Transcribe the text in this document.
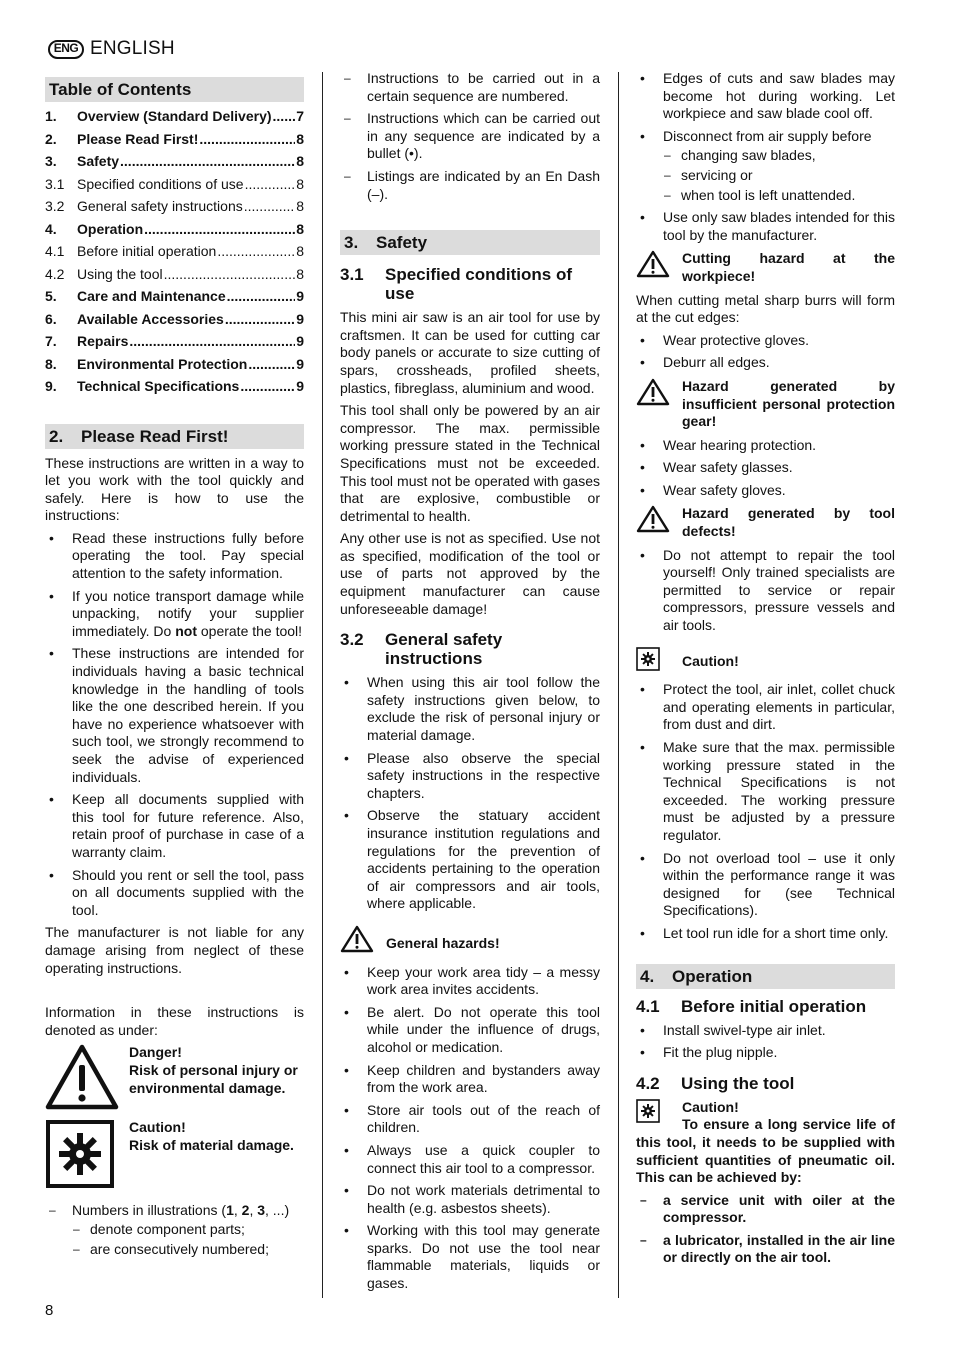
ENG ENGLISH
Table of Contents
1.	Overview (Standard Delivery) ..... 7
2.	Please Read First! .....	8
3.	Safety .....	8
3.1 Specified conditions of use .....	8
3.2 General safety instructions .....	8
4.	Operation .....	8
4.1 Before initial operation .....	8
4.2 Using the tool .....	8
5.	Care and Maintenance .....	9
6.	Available Accessories .....	9
7.	Repairs .....	9
8.	Environmental Protection .....	9
9.	Technical Specifications .....	9
2. Please Read First!

These instructions are written in a way to let you work with the tool quickly and safely. Here is how to use the instructions:

• Read these instructions fully before operating the tool. Pay special attention to the safety information.
• If you notice transport damage while unpacking, notify your supplier immediately. Do not operate the tool!
• These instructions are intended for individuals having a basic technical knowledge in the handling of tools like the one described herein. If you have no experience whatsoever with such tool, we strongly recommend to seek the advise of experienced individuals.
• Keep all documents supplied with this tool for future reference. Also, retain proof of purchase in case of a warranty claim.
• Should you rent or sell the tool, pass on all documents supplied with the tool.

The manufacturer is not liable for any damage arising from neglect of these operating instructions.

Information in these instructions is denoted as under:

Danger!
Risk of personal injury or environmental damage.
Caution!
Risk of material damage.
– Numbers in illustrations (1, 2, 3, ...)
– denote component parts;
– are consecutively numbered;
– Instructions to be carried out in a certain sequence are numbered.
– Instructions which can be carried out in any sequence are indicated by a bullet (•).
– Listings are indicated by an En Dash (–).
3. Safety
3.1	Specified conditions of use

This mini air saw is an air tool for use by craftsmen. It can be used for cutting car body panels or accurate to size cutting of spars, crossheads, profiled sheets, plastics, fibreglass, aluminium and wood.

This tool shall only be powered by an air compressor. The max. permissible working pressure stated in the Technical Specifications must not be exceeded. This tool must not be operated with gases that are explosive, combustible or detrimental to health.

Any other use is not as specified. Use not as specified, modification of the tool or use of parts not approved by the equipment manufacturer can cause unforeseeable damage!

3.2	General safety instructions
• When using this air tool follow the safety instructions given below, to exclude the risk of personal injury or material damage.
• Please also observe the special safety instructions in the respective chapters.
• Observe the statuary accident insurance institution regulations and regulations for the prevention of accidents pertaining to the operation of air compressors and air tools, where applicable.
General hazards!
• Keep your work area tidy – a messy work area invites accidents.
• Be alert. Do not operate this tool while under the influence of drugs, alcohol or medication.
• Keep children and bystanders away from the work area.
• Store air tools out of the reach of children.
• Always use a quick coupler to connect this air tool to a compressor.
• Do not work materials detrimental to health (e.g. asbestos sheets).
• Working with this tool may generate sparks. Do not use the tool near flammable materials, liquids or gases.
• Edges of cuts and saw blades may become hot during working. Let workpiece and saw blade cool off.
• Disconnect from air supply before
– changing saw blades,
– servicing or
– when tool is left unattended.
• Use only saw blades intended for this tool by the manufacturer.
Cutting hazard at the workpiece!

When cutting metal sharp burrs will form at the cut edges:

• Wear protective gloves.
• Deburr all edges.
Hazard generated by insufficient personal protection gear!
• Wear hearing protection.
• Wear safety glasses.
• Wear safety gloves.
Hazard generated by tool defects!
• Do not attempt to repair the tool yourself! Only trained specialists are permitted to service or repair compressors, pressure vessels and air tools.
Caution!
• Protect the tool, air inlet, collet chuck and operating elements in particular, from dust and dirt.
• Make sure that the max. permissible working pressure stated in the Technical Specifications is not exceeded. The working pressure must be adjusted by a pressure regulator.
• Do not overload tool – use it only within the performance range it was designed for (see Technical Specifications).
• Let tool run idle for a short time only.
4. Operation
4.1	Before initial operation
• Install swivel-type air inlet.
• Fit the plug nipple.
4.2	Using the tool
Caution!
To ensure a long service life of this tool, it needs to be supplied with sufficient quantities of pneumatic oil. This can be achieved by:
– a service unit with oiler at the compressor.
– a lubricator, installed in the air line or directly on the air tool.
8
